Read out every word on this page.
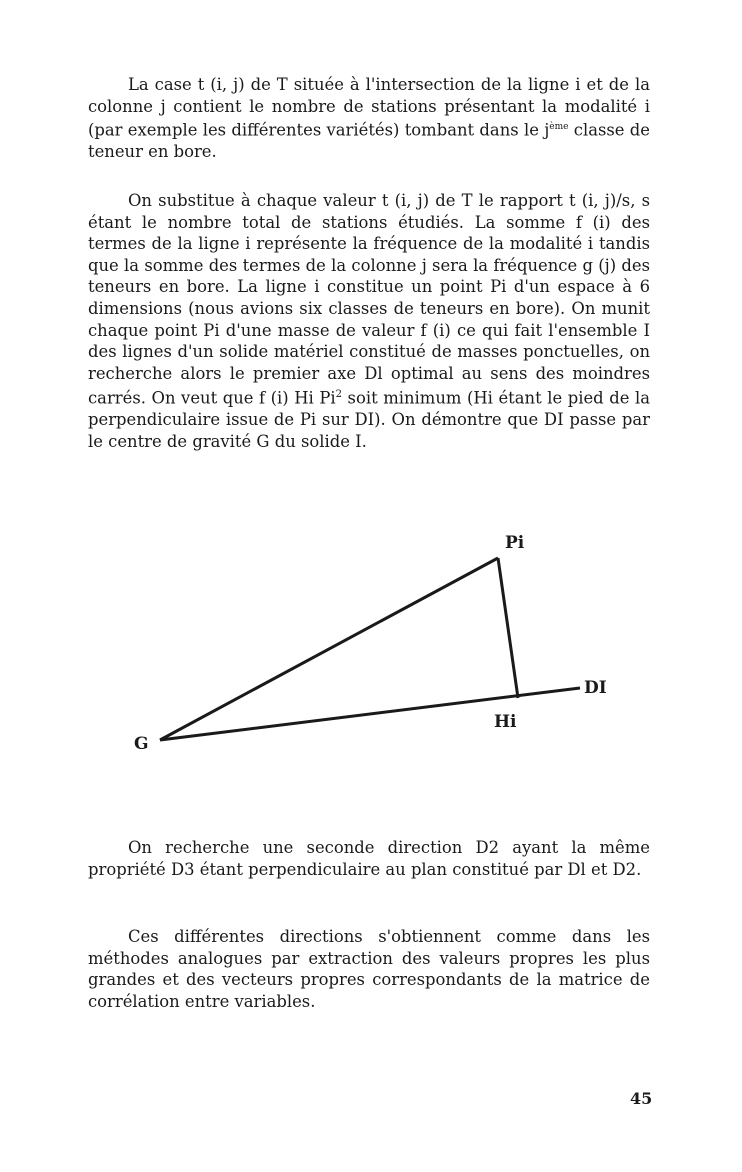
La case t (i, j) de T située à l'intersection de la ligne i et de la colonne j contient le nombre de stations présentant la modalité i (par exemple les différentes variétés) tombant dans le $j^{ème}$ classe de teneur en bore.

On substitue à chaque valeur t (i, j) de T le rapport t (i, j)/s, s étant le nombre total de stations étudiés. La somme f (i) des termes de la ligne i représente la fréquence de la modalité i tandis que la somme des termes de la colonne j sera la fréquence g (j) des teneurs en bore. La ligne i constitue un point Pi d'un espace à 6 dimensions (nous avions six classes de teneurs en bore). On munit chaque point Pi d'une masse de valeur f (i) ce qui fait l'ensemble I des lignes d'un solide matériel constitué de masses ponctuelles, on recherche alors le premier axe Dl optimal au sens des moindres carrés. On veut que f (i) Hi Pi$^2$ soit minimum (Hi étant le pied de la perpendiculaire issue de Pi sur DI). On démontre que DI passe par le centre de gravité G du solide I.

Pi
DI
Hi
G

On recherche une seconde direction D2 ayant la même propriété D3 étant perpendiculaire au plan constitué par Dl et D2.

Ces différentes directions s'obtiennent comme dans les méthodes analogues par extraction des valeurs propres les plus grandes et des vecteurs propres correspondants de la matrice de corrélation entre variables.

45
